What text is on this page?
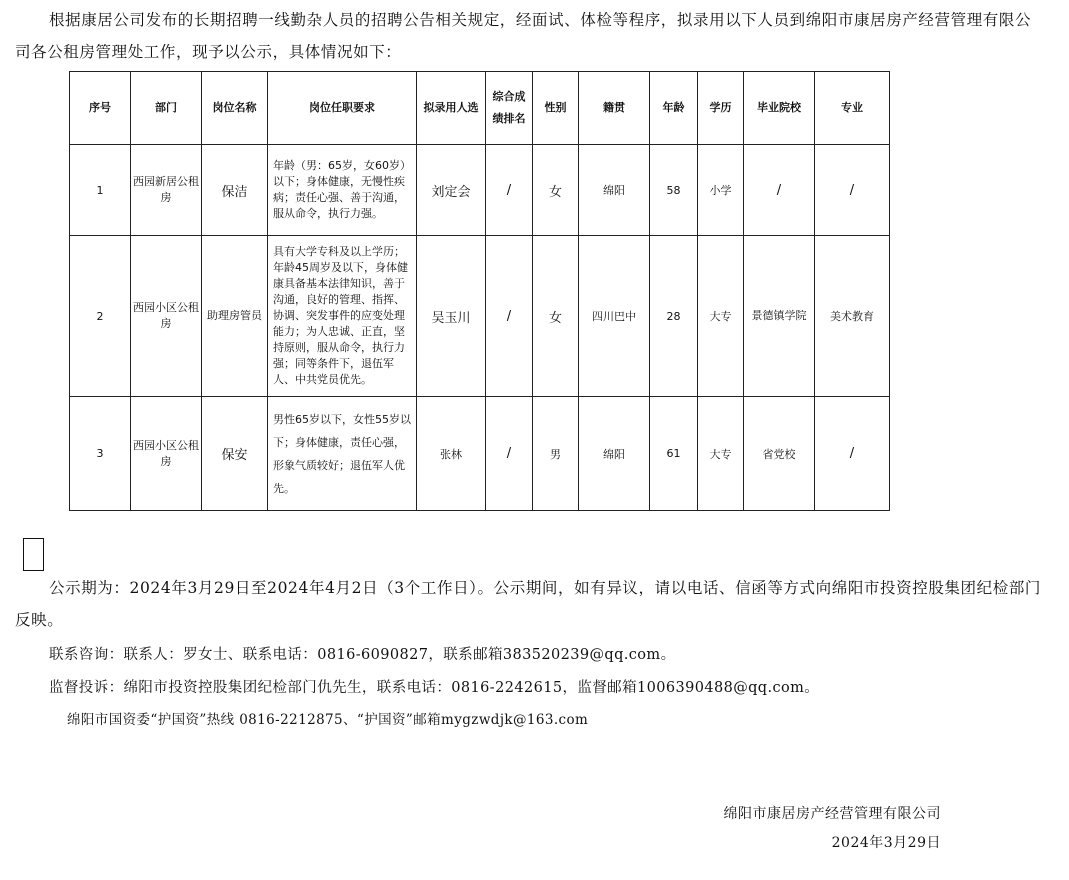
根据康居公司发布的长期招聘一线勤杂人员的招聘公告相关规定，经面试、体检等程序，拟录用以下人员到绵阳市康居房产经营管理有限公司各公租房管理处工作，现予以公示，具体情况如下：

序号	部门	岗位名称	岗位任职要求	拟录用人选	综合成绩排名	性别	籍贯	年龄	学历	毕业院校	专业
1	西园新居公租房	保洁	年龄（男：65岁，女60岁）以下；身体健康，无慢性疾病；责任心强、善于沟通，服从命令，执行力强。	刘定会	/	女	绵阳	58	小学	/	/
2	西园小区公租房	助理房管员	具有大学专科及以上学历；年龄45周岁及以下，身体健康具备基本法律知识，善于沟通，良好的管理、指挥、协调、突发事件的应变处理能力；为人忠诚、正直，坚持原则，服从命令，执行力强；同等条件下，退伍军人、中共党员优先。	吴玉川	/	女	四川巴中	28	大专	景德镇学院	美术教育
3	西园小区公租房	保安	男性65岁以下，女性55岁以下；身体健康，责任心强，形象气质较好；退伍军人优先。	张林	/	男	绵阳	61	大专	省党校	/

公示期为：2024年3月29日至2024年4月2日（3个工作日）。公示期间，如有异议，请以电话、信函等方式向绵阳市投资控股集团纪检部门反映。

联系咨询：联系人：罗女士、联系电话：0816-6090827，联系邮箱383520239@qq.com。

监督投诉：绵阳市投资控股集团纪检部门仇先生，联系电话：0816-2242615，监督邮箱1006390488@qq.com。

绵阳市国资委“护国资”热线 0816-2212875、“护国资”邮箱mygzwdjk@163.com

绵阳市康居房产经营管理有限公司
2024年3月29日
